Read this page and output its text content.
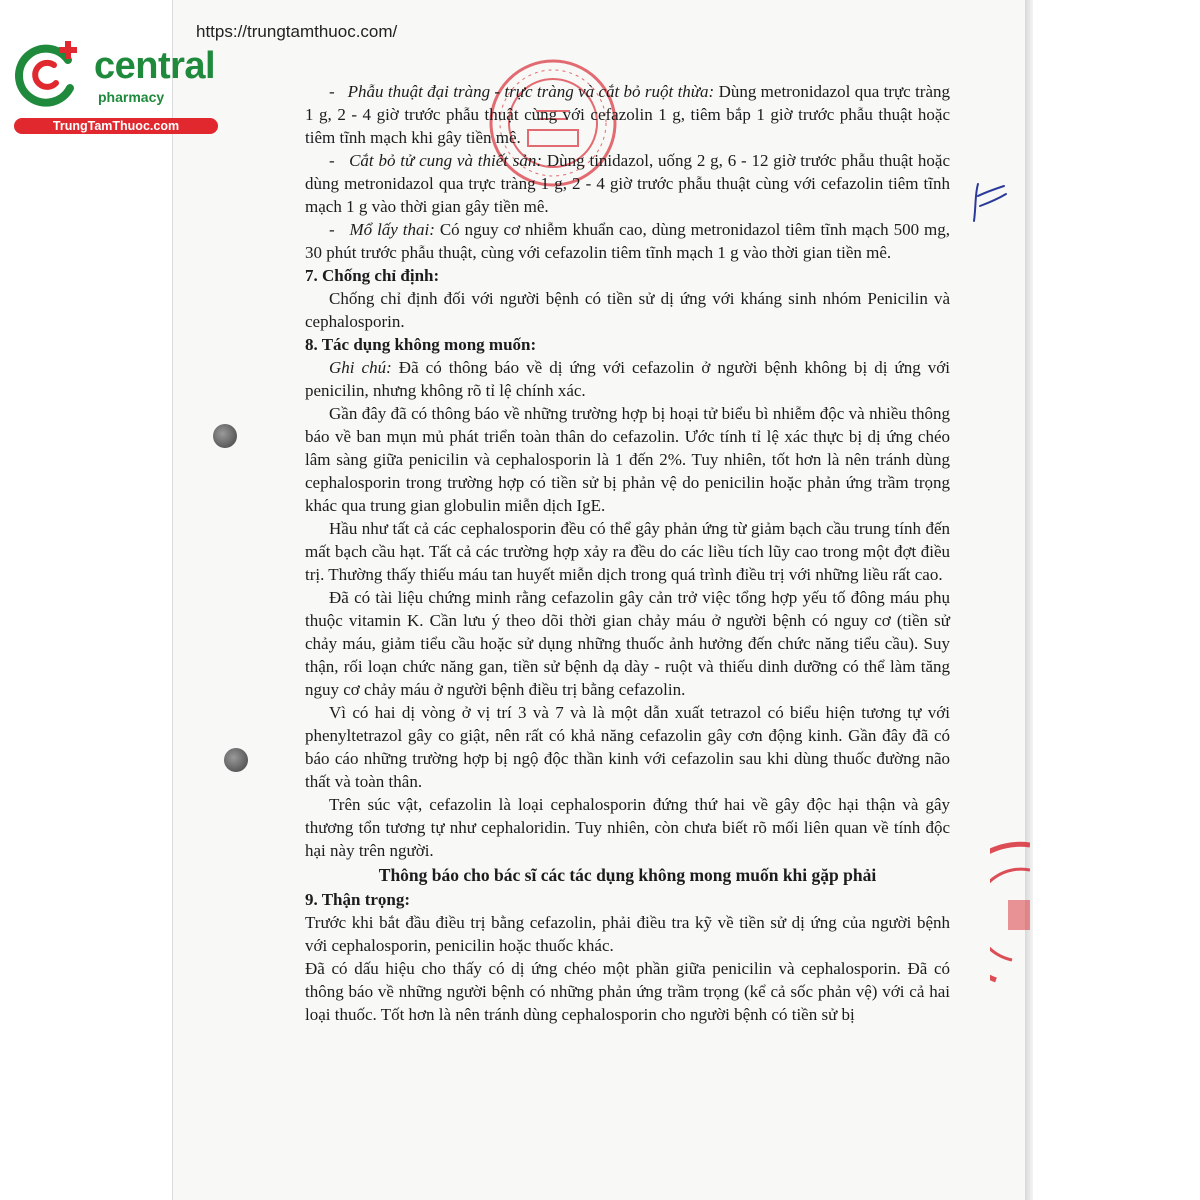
central
pharmacy
TrungTamThuoc.com
https://trungtamthuoc.com/

-   Phẫu thuật đại tràng - trực tràng và cắt bỏ ruột thừa: Dùng metronidazol qua trực tràng 1 g, 2 - 4 giờ trước phẫu thuật cùng với cefazolin 1 g, tiêm bắp 1 giờ trước phẫu thuật hoặc tiêm tĩnh mạch khi gây tiền mê.

-   Cắt bỏ tử cung và thiết sản: Dùng tinidazol, uống 2 g, 6 - 12 giờ trước phẫu thuật hoặc dùng metronidazol qua trực tràng 1 g, 2 - 4 giờ trước phẫu thuật cùng với cefazolin tiêm tĩnh mạch 1 g vào thời gian gây tiền mê.

-   Mổ lấy thai: Có nguy cơ nhiễm khuẩn cao, dùng metronidazol tiêm tĩnh mạch 500 mg, 30 phút trước phẫu thuật, cùng với cefazolin tiêm tĩnh mạch 1 g vào thời gian tiền mê.

7. Chống chỉ định:

Chống chỉ định đối với người bệnh có tiền sử dị ứng với kháng sinh nhóm Penicilin và cephalosporin.

8. Tác dụng không mong muốn:

Ghi chú: Đã có thông báo về dị ứng với cefazolin ở người bệnh không bị dị ứng với penicilin, nhưng không rõ tỉ lệ chính xác.

Gần đây đã có thông báo về những trường hợp bị hoại tử biểu bì nhiễm độc và nhiều thông báo về ban mụn mủ phát triển toàn thân do cefazolin. Ước tính tỉ lệ xác thực bị dị ứng chéo lâm sàng giữa penicilin và cephalosporin là 1 đến 2%. Tuy nhiên, tốt hơn là nên tránh dùng cephalosporin trong trường hợp có tiền sử bị phản vệ do penicilin hoặc phản ứng trầm trọng khác qua trung gian globulin miễn dịch IgE.

Hầu như tất cả các cephalosporin đều có thể gây phản ứng từ giảm bạch cầu trung tính đến mất bạch cầu hạt. Tất cả các trường hợp xảy ra đều do các liều tích lũy cao trong một đợt điều trị. Thường thấy thiếu máu tan huyết miễn dịch trong quá trình điều trị với những liều rất cao.

Đã có tài liệu chứng minh rằng cefazolin gây cản trở việc tổng hợp yếu tố đông máu phụ thuộc vitamin K. Cần lưu ý theo dõi thời gian chảy máu ở người bệnh có nguy cơ (tiền sử chảy máu, giảm tiểu cầu hoặc sử dụng những thuốc ảnh hưởng đến chức năng tiểu cầu). Suy thận, rối loạn chức năng gan, tiền sử bệnh dạ dày - ruột và thiếu dinh dưỡng có thể làm tăng nguy cơ chảy máu ở người bệnh điều trị bằng cefazolin.

Vì có hai dị vòng ở vị trí 3 và 7 và là một dẫn xuất tetrazol có biểu hiện tương tự với phenyltetrazol gây co giật, nên rất có khả năng cefazolin gây cơn động kinh. Gần đây đã có báo cáo những trường hợp bị ngộ độc thần kinh với cefazolin sau khi dùng thuốc đường não thất và toàn thân.

Trên súc vật, cefazolin là loại cephalosporin đứng thứ hai về gây độc hại thận và gây thương tổn tương tự như cephaloridin. Tuy nhiên, còn chưa biết rõ mối liên quan về tính độc hại này trên người.

Thông báo cho bác sĩ các tác dụng không mong muốn khi gặp phải
9. Thận trọng:

Trước khi bắt đầu điều trị bằng cefazolin, phải điều tra kỹ về tiền sử dị ứng của người bệnh với cephalosporin, penicilin hoặc thuốc khác.

Đã có dấu hiệu cho thấy có dị ứng chéo một phần giữa penicilin và cephalosporin. Đã có thông báo về những người bệnh có những phản ứng trầm trọng (kể cả sốc phản vệ) với cả hai loại thuốc. Tốt hơn là nên tránh dùng cephalosporin cho người bệnh có tiền sử bị
